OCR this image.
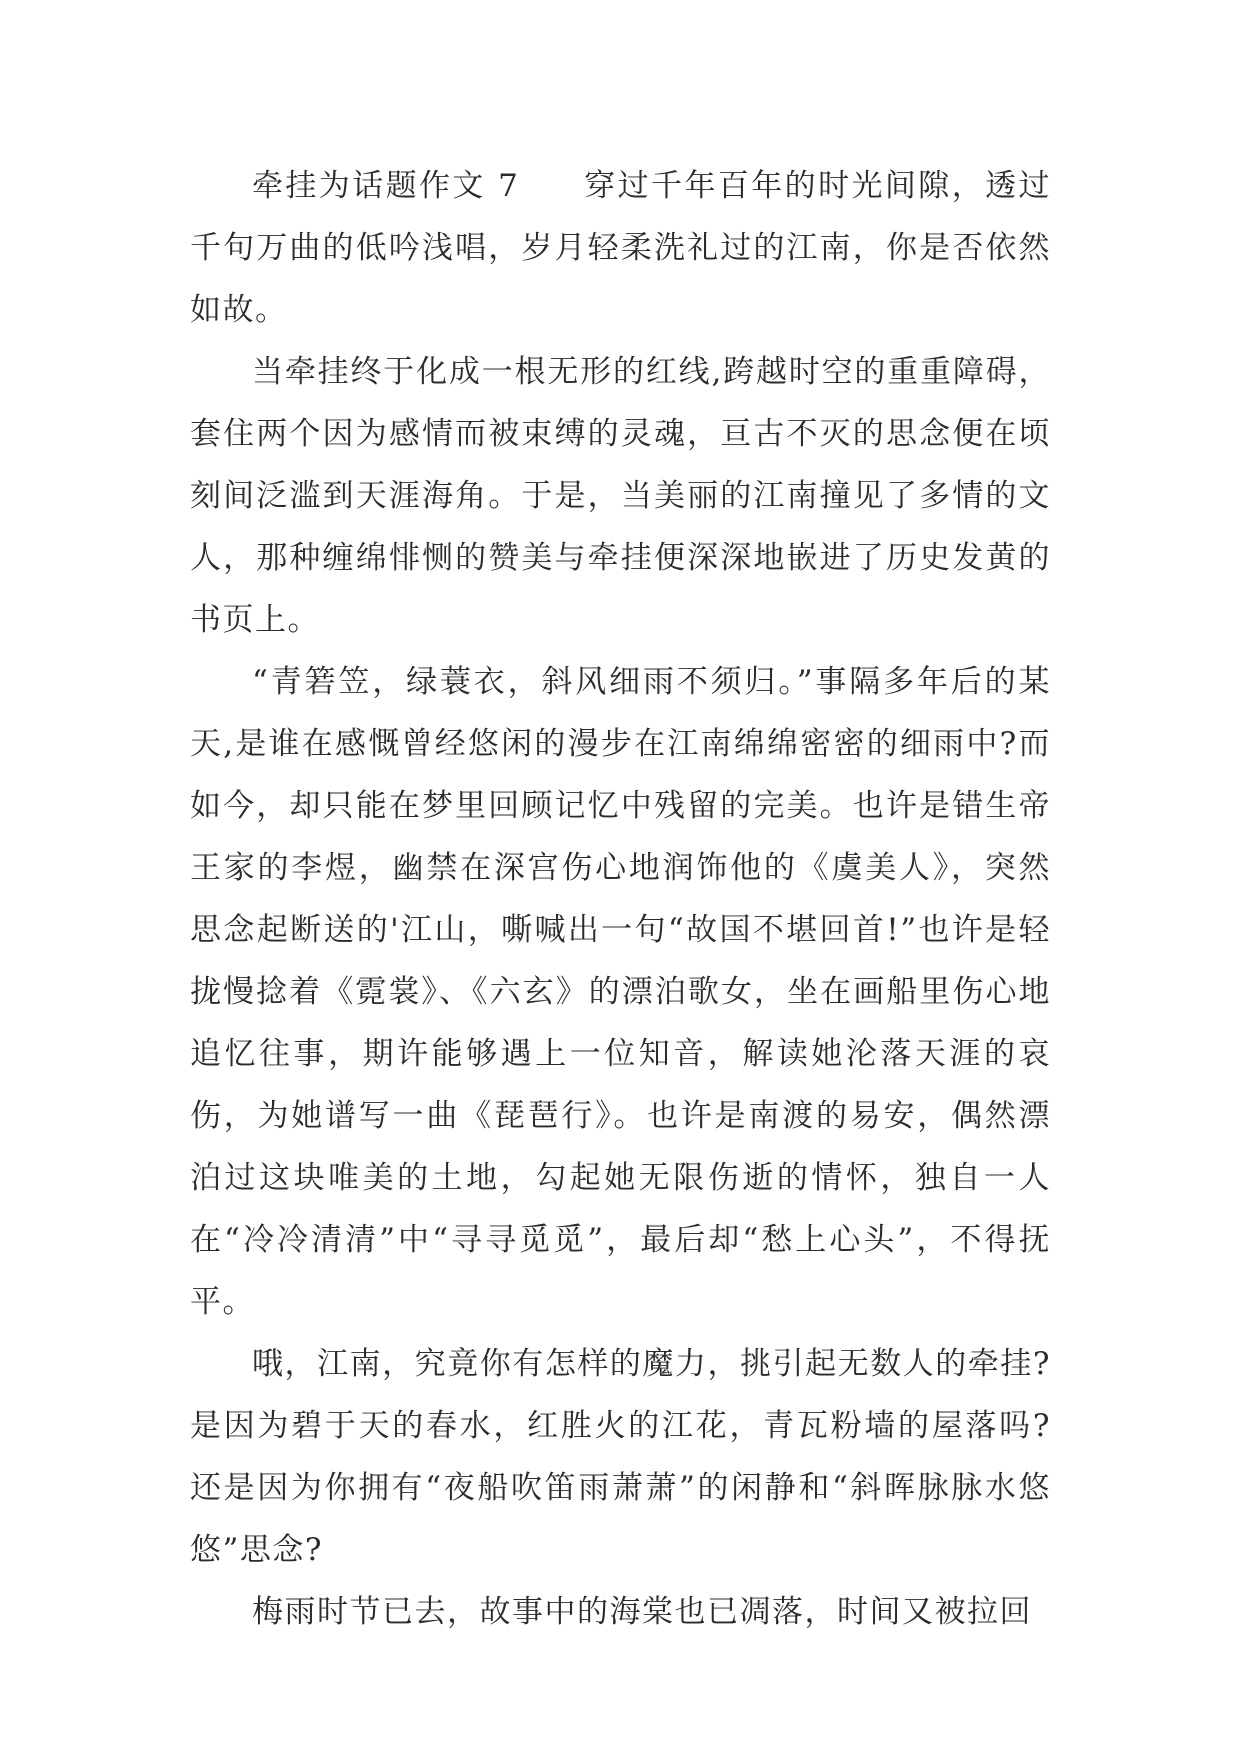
牵挂为话题作文 7 穿过千年百年的时光间隙，透过千句万曲的低吟浅唱，岁月轻柔洗礼过的江南，你是否依然如故。

当牵挂终于化成一根无形的红线,跨越时空的重重障碍，套住两个因为感情而被束缚的灵魂，亘古不灭的思念便在顷刻间泛滥到天涯海角。于是，当美丽的江南撞见了多情的文人，那种缠绵悱恻的赞美与牵挂便深深地嵌进了历史发黄的书页上。

“青箬笠，绿蓑衣，斜风细雨不须归。”事隔多年后的某天,是谁在感慨曾经悠闲的漫步在江南绵绵密密的细雨中?而如今，却只能在梦里回顾记忆中残留的完美。也许是错生帝王家的李煜，幽禁在深宫伤心地润饰他的《虞美人》，突然思念起断送的'江山，嘶喊出一句“故国不堪回首!”也许是轻拢慢捻着《霓裳》、《六玄》的漂泊歌女，坐在画船里伤心地追忆往事，期许能够遇上一位知音，解读她沦落天涯的哀伤，为她谱写一曲《琵琶行》。也许是南渡的易安，偶然漂泊过这块唯美的土地，勾起她无限伤逝的情怀，独自一人在“冷冷清清”中“寻寻觅觅”，最后却“愁上心头”，不得抚平。

哦，江南，究竟你有怎样的魔力，挑引起无数人的牵挂?是因为碧于天的春水，红胜火的江花，青瓦粉墙的屋落吗?还是因为你拥有“夜船吹笛雨萧萧”的闲静和“斜晖脉脉水悠悠”思念?

梅雨时节已去，故事中的海棠也已凋落，时间又被拉回
